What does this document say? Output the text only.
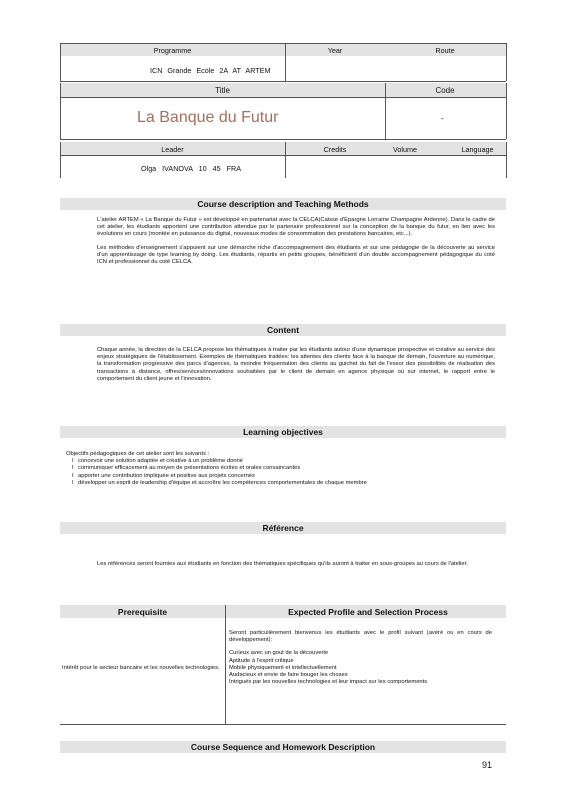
Programme	Year	Route
ICN Grande Ecole 2A AT ARTEM
Title	Code
La Banque du Futur	-
Leader	Credits	Volume	Language
Olga IVANOVA 10 45 FRA
Course description and Teaching Methods

L'atelier ARTEM « La Banque du Futur » est développé en partenariat avec la CELCA(Caisse d'Epargne Lorraine Champagne Ardenne). Dans le cadre de cet atelier, les étudiants apportent une contribution attendue par le partenaire professionnel sur la conception de la banque du futur, en lien avec les évolutions en cours (montée en puissance du digital, nouveaux modes de consommation des prestations bancaires, etc...).

Les méthodes d'enseignement s'appuient sur une démarche riche d'accompagnement des étudiants et sur une pédagogie de la découverte au service d'un apprentissage de type learning by doing. Les étudiants, répartis en petits groupes, bénéficient d'un double accompagnement pédagogique du coté ICN et professionnel du coté CELCA.

Content
Chaque année, la direction de la CELCA propose les thématiques à traiter par les étudiants autour d'une dynamique prospective et créative au service des enjeux stratégiques de l'établissement. Exemples de thématiques traitées: les attentes des clients face à la banque de demain, l'ouverture au numérique, la transformation progressive des parcs d'agences, la moindre fréquentation des clients au guichet du fait de l'essor des possibilités de réalisation des transactions à distance, offres/services/innovations souhaitées par le client de demain en agence physique ou sur internet, le rapport entre le comportement du client jeune et l'innovation.
Learning objectives
Objectifs pédagogiques de cet atelier sont les suivants :
I concevoir une solution adaptée et créative à un problème donné
I communiquer efficacement au moyen de présentations écrites et orales convaincantes
I apporter une contribution impliquée et positive aux projets concernés
I développer un esprit de leadership d'équipe et accroître les compétences comportementales de chaque membre
Référence
Les références seront fournies aux étudiants en fonction des thématiques spécifiques qu'ils auront à traiter en sous-groupes au cours de l'atelier.
Prerequisite	Expected Profile and Selection Process
Intérêt pour le secteur bancaire et les nouvelles technologies.

Seront particulièrement bienvenus les étudiants avec le profil suivant (avéré ou en cours de développement):

Curieux avec un gout de la découverte
Aptitude à l'esprit critique
Mobile physiquement et intellectuellement
Audacieux et envie de faire bouger les choses
Intrigués par les nouvelles technologies et leur impact sur les comportements
Course Sequence and Homework Description
91
